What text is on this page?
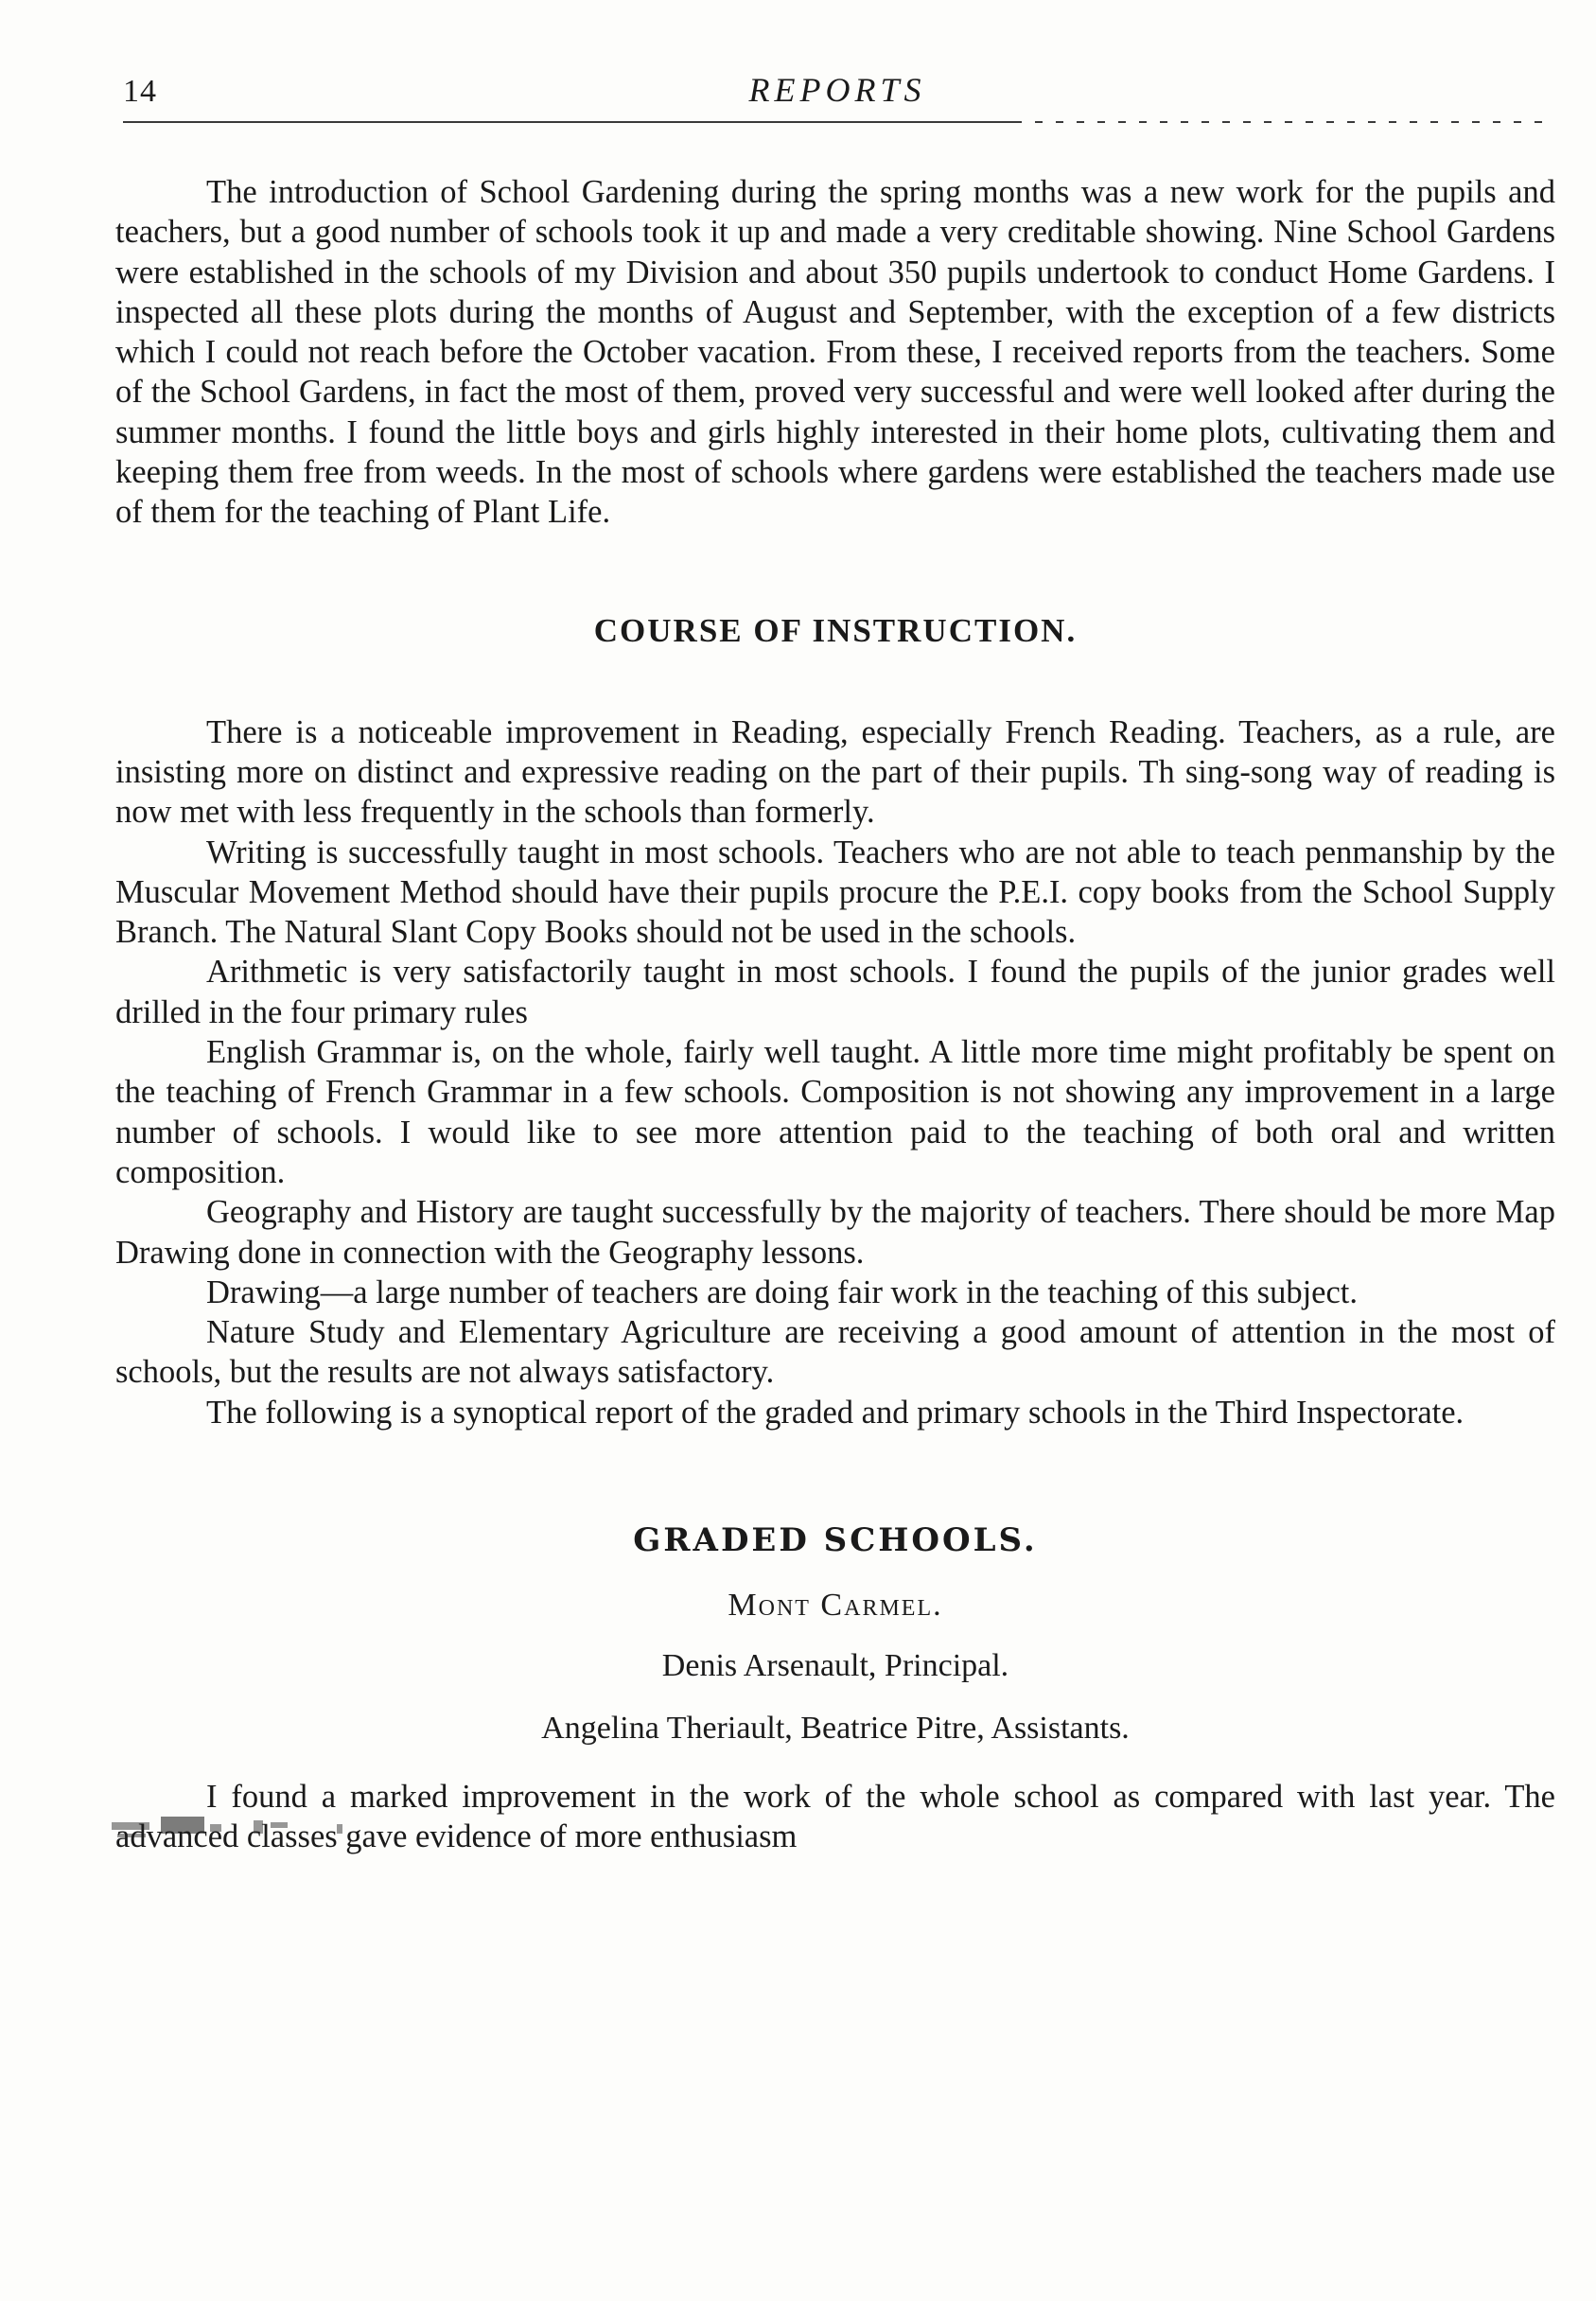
14	REPORTS

The introduction of School Gardening during the spring months was a new work for the pupils and teachers, but a good number of schools took it up and made a very creditable showing. Nine School Gardens were established in the schools of my Division and about 350 pupils undertook to conduct Home Gardens. I inspected all these plots during the months of August and September, with the exception of a few districts which I could not reach before the October vacation. From these, I received reports from the teachers. Some of the School Gardens, in fact the most of them, proved very successful and were well looked after during the summer months. I found the little boys and girls highly interested in their home plots, cultivating them and keeping them free from weeds. In the most of schools where gardens were established the teachers made use of them for the teaching of Plant Life.

COURSE OF INSTRUCTION.

There is a noticeable improvement in Reading, especially French Reading. Teachers, as a rule, are insisting more on distinct and expressive reading on the part of their pupils. Th sing-song way of reading is now met with less frequently in the schools than formerly.

Writing is successfully taught in most schools. Teachers who are not able to teach penmanship by the Muscular Movement Method should have their pupils procure the P.E.I. copy books from the School Supply Branch. The Natural Slant Copy Books should not be used in the schools.

Arithmetic is very satisfactorily taught in most schools. I found the pupils of the junior grades well drilled in the four primary rules

English Grammar is, on the whole, fairly well taught. A little more time might profitably be spent on the teaching of French Grammar in a few schools. Composition is not showing any improvement in a large number of schools. I would like to see more attention paid to the teaching of both oral and written composition.

Geography and History are taught successfully by the majority of teachers. There should be more Map Drawing done in connection with the Geography lessons.

Drawing—a large number of teachers are doing fair work in the teaching of this subject.

Nature Study and Elementary Agriculture are receiving a good amount of attention in the most of schools, but the results are not always satisfactory.

The following is a synoptical report of the graded and primary schools in the Third Inspectorate.

GRADED SCHOOLS.
Mont Carmel.
Denis Arsenault, Principal.
Angelina Theriault, Beatrice Pitre, Assistants.

I found a marked improvement in the work of the whole school as compared with last year. The advanced classes gave evidence of more enthusiasm
